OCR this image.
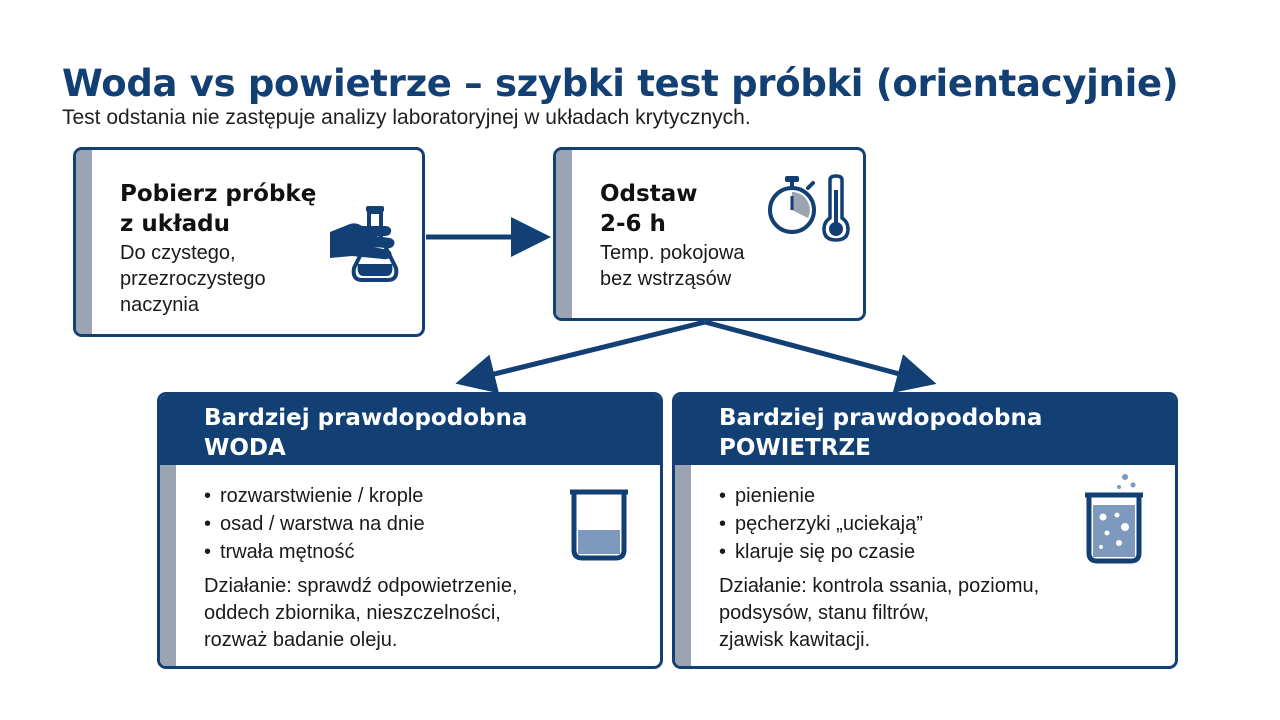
Woda vs powietrze – szybki test próbki (orientacyjnie)

Test odstania nie zastępuje analizy laboratoryjnej w układach krytycznych.

Pobierz próbkę
z układu

Do czystego,
przezroczystego
naczynia

Odstaw
2-6 h

Temp. pokojowa
bez wstrząsów

Bardziej prawdopodobna
WODA

• rozwarstwienie / krople
• osad / warstwa na dnie
• trwała mętność

Działanie: sprawdź odpowietrzenie,
oddech zbiornika, nieszczelności,
rozważ badanie oleju.

Bardziej prawdopodobna
POWIETRZE

• pienienie
• pęcherzyki „uciekają”
• klaruje się po czasie

Działanie: kontrola ssania, poziomu,
podsysów, stanu filtrów,
zjawisk kawitacji.
